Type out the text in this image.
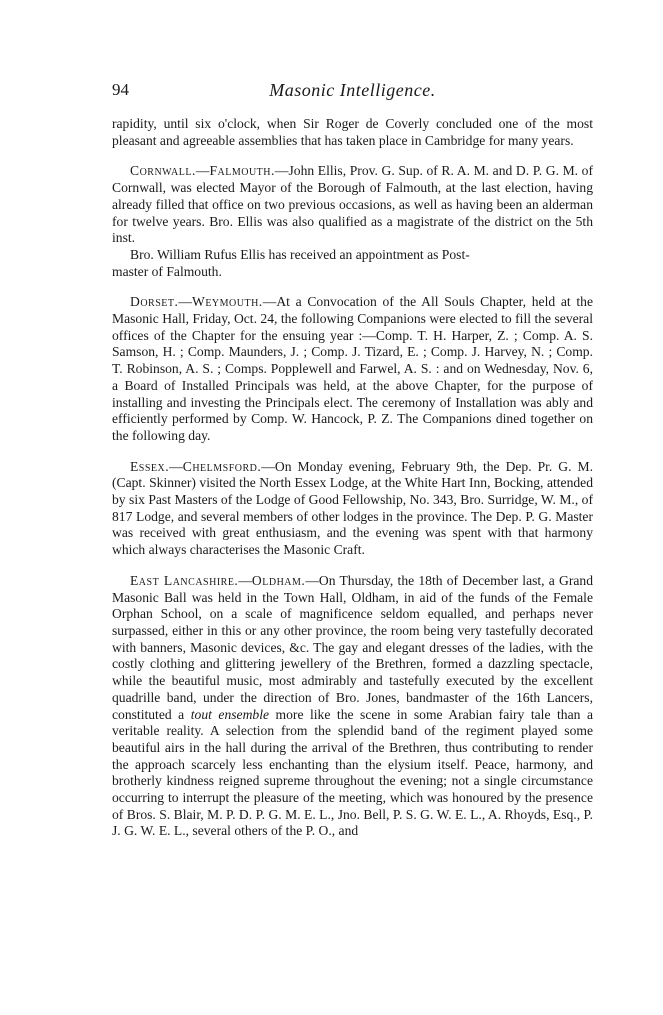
94	Masonic Intelligence.

rapidity, until six o'clock, when Sir Roger de Coverly concluded one of the most pleasant and agreeable assemblies that has taken place in Cambridge for many years.

Cornwall.—Falmouth.—John Ellis, Prov. G. Sup. of R. A. M. and D. P. G. M. of Cornwall, was elected Mayor of the Borough of Falmouth, at the last election, having already filled that office on two previous occasions, as well as having been an alderman for twelve years. Bro. Ellis was also qualified as a magistrate of the district on the 5th inst.

Bro. William Rufus Ellis has received an appointment as Post-
master of Falmouth.

Dorset.—Weymouth.—At a Convocation of the All Souls Chapter, held at the Masonic Hall, Friday, Oct. 24, the following Companions were elected to fill the several offices of the Chapter for the ensuing year :—Comp. T. H. Harper, Z. ; Comp. A. S. Samson, H. ; Comp. Maunders, J. ; Comp. J. Tizard, E. ; Comp. J. Harvey, N. ; Comp. T. Robinson, A. S. ; Comps. Popplewell and Farwel, A. S. : and on Wednesday, Nov. 6, a Board of Installed Principals was held, at the above Chapter, for the purpose of installing and investing the Principals elect. The ceremony of Installation was ably and efficiently performed by Comp. W. Hancock, P. Z. The Companions dined together on the following day.

Essex.—Chelmsford.—On Monday evening, February 9th, the Dep. Pr. G. M. (Capt. Skinner) visited the North Essex Lodge, at the White Hart Inn, Bocking, attended by six Past Masters of the Lodge of Good Fellowship, No. 343, Bro. Surridge, W. M., of 817 Lodge, and several members of other lodges in the province. The Dep. P. G. Master was received with great enthusiasm, and the evening was spent with that harmony which always characterises the Masonic Craft.

East Lancashire.—Oldham.—On Thursday, the 18th of December last, a Grand Masonic Ball was held in the Town Hall, Oldham, in aid of the funds of the Female Orphan School, on a scale of magnificence seldom equalled, and perhaps never surpassed, either in this or any other province, the room being very tastefully decorated with banners, Masonic devices, &c. The gay and elegant dresses of the ladies, with the costly clothing and glittering jewellery of the Brethren, formed a dazzling spectacle, while the beautiful music, most admirably and tastefully executed by the excellent quadrille band, under the direction of Bro. Jones, bandmaster of the 16th Lancers, constituted a tout ensemble more like the scene in some Arabian fairy tale than a veritable reality. A selection from the splendid band of the regiment played some beautiful airs in the hall during the arrival of the Brethren, thus contributing to render the approach scarcely less enchanting than the elysium itself. Peace, harmony, and brotherly kindness reigned supreme throughout the evening; not a single circumstance occurring to interrupt the pleasure of the meeting, which was honoured by the presence of Bros. S. Blair, M. P. D. P. G. M. E. L., Jno. Bell, P. S. G. W. E. L., A. Rhoyds, Esq., P. J. G. W. E. L., several others of the P. O., and
